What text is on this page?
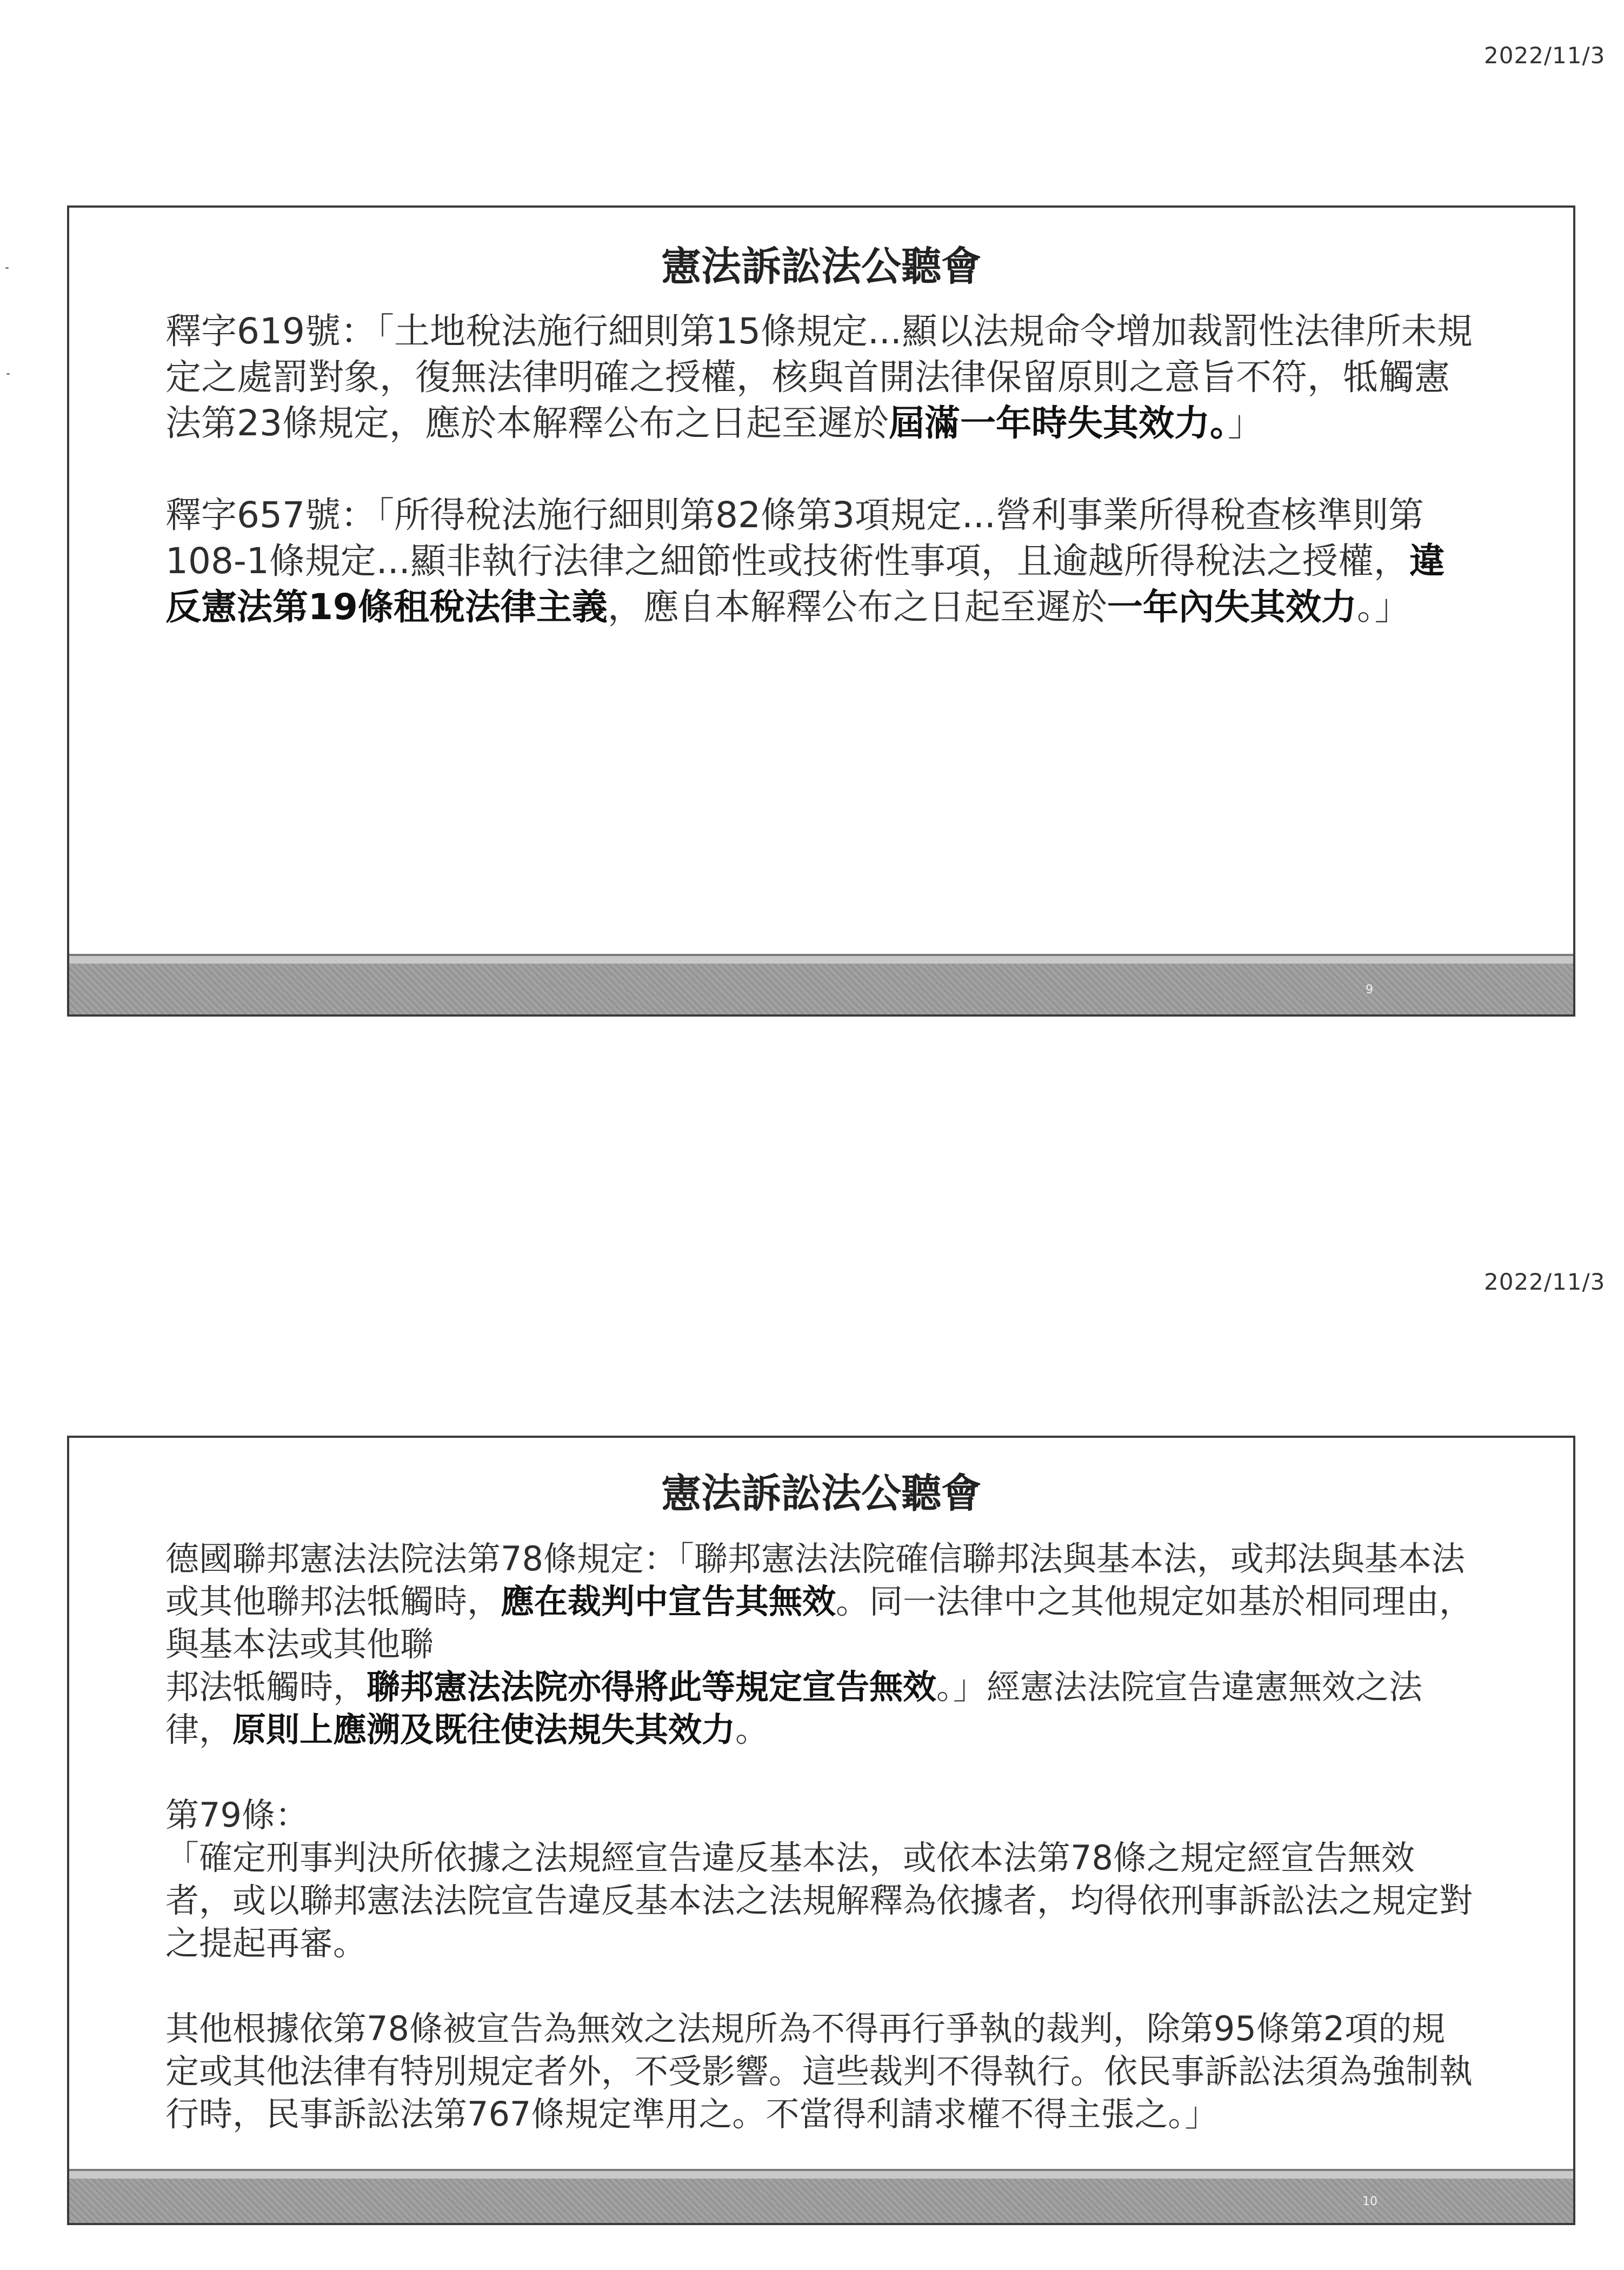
2022/11/3
憲法訴訟法公聽會

釋字619號：「土地稅法施行細則第15條規定...顯以法規命令增加裁罰性法律所未規定之處罰對象，復無法律明確之授權，核與首開法律保留原則之意旨不符，牴觸憲法第23條規定，應於本解釋公布之日起至遲於屆滿一年時失其效力。」

釋字657號：「所得稅法施行細則第82條第3項規定...營利事業所得稅查核準則第108-1條規定...顯非執行法律之細節性或技術性事項，且逾越所得稅法之授權，違反憲法第19條租稅法律主義，應自本解釋公布之日起至遲於一年內失其效力。」

9
2022/11/3
憲法訴訟法公聽會

德國聯邦憲法法院法第78條規定：「聯邦憲法法院確信聯邦法與基本法，或邦法與基本法或其他聯邦法牴觸時，應在裁判中宣告其無效。同一法律中之其他規定如基於相同理由，與基本法或其他聯
邦法牴觸時，聯邦憲法法院亦得將此等規定宣告無效。」經憲法法院宣告違憲無效之法律，原則上應溯及既往使法規失其效力。

第79條：

「確定刑事判決所依據之法規經宣告違反基本法，或依本法第78條之規定經宣告無效者，或以聯邦憲法法院宣告違反基本法之法規解釋為依據者，均得依刑事訴訟法之規定對之提起再審。

其他根據依第78條被宣告為無效之法規所為不得再行爭執的裁判，除第95條第2項的規定或其他法律有特別規定者外，不受影響。這些裁判不得執行。依民事訴訟法須為強制執行時，民事訴訟法第767條規定準用之。不當得利請求權不得主張之。」

10
